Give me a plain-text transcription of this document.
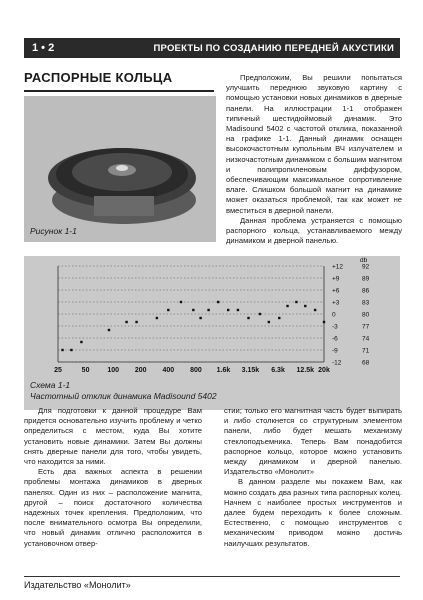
1 • 2	ПРОЕКТЫ ПО СОЗДАНИЮ ПЕРЕДНЕЙ АКУСТИКИ
РАСПОРНЫЕ КОЛЬЦА
Рисунок 1-1

Предположим, Вы решили попытаться улучшить переднюю звуковую картину с помощью установки новых динамиков в дверные панели. На иллюстрации 1-1 отображен типичный шестидюймовый динамик. Это Madisound 5402 с частотой отклика, показанной на графике 1-1. Данный динамик оснащен высокочастотным купольным ВЧ излучателем и низкочастотным динамиком с большим магнитом и полипропиленовым диффузором, обеспечивающим максимальное сопротивление влаге. Слишком большой магнит на динамике может оказаться проблемой, так как может не вместиться в дверной панели.

Данная проблема устраняется с помощью распорного кольца, устанавливаемого между динамиком и дверной панелью.

+12	92
+9	89
+6	86
+3	83
0	80
-3	77
-6	74
-9	71
-12	68
db
25	50	100 200 400 800 1.6k 3.15k 6.3k 12.5k 20k
Схема 1-1
Частотный отклик динамика Madisound 5402

Для подготовки к данной процедуре Вам придется основательно изучить проблему и четко определиться с местом, куда Вы хотите установить новые динамики. Затем Вы должны снять дверные панели для того, чтобы увидеть, что находится за ними.

Есть два важных аспекта в решении проблемы монтажа динамиков в дверных панелях. Один из них – расположение магнита, другой – поиск достаточного количества надежных точек крепления. Предположим, что после внимательного осмотра Вы определили, что новый динамик отлично расположится в установочном отвер-

стии; только его магнитная часть будет выпирать и либо столкнется со структурным элементом панели, либо будет мешать механизму стеклоподъемника. Теперь Вам понадобится распорное кольцо, которое можно установить между динамиком и дверной панелью. Издательство «Монолит»

В данном разделе мы покажем Вам, как можно создать два разных типа распорных колец. Начнем с наиболее простых инструментов и далее будем переходить к более сложным. Естественно, с помощью инструментов с механическим приводом можно достичь наилучших результатов.

Издательство «Монолит»
